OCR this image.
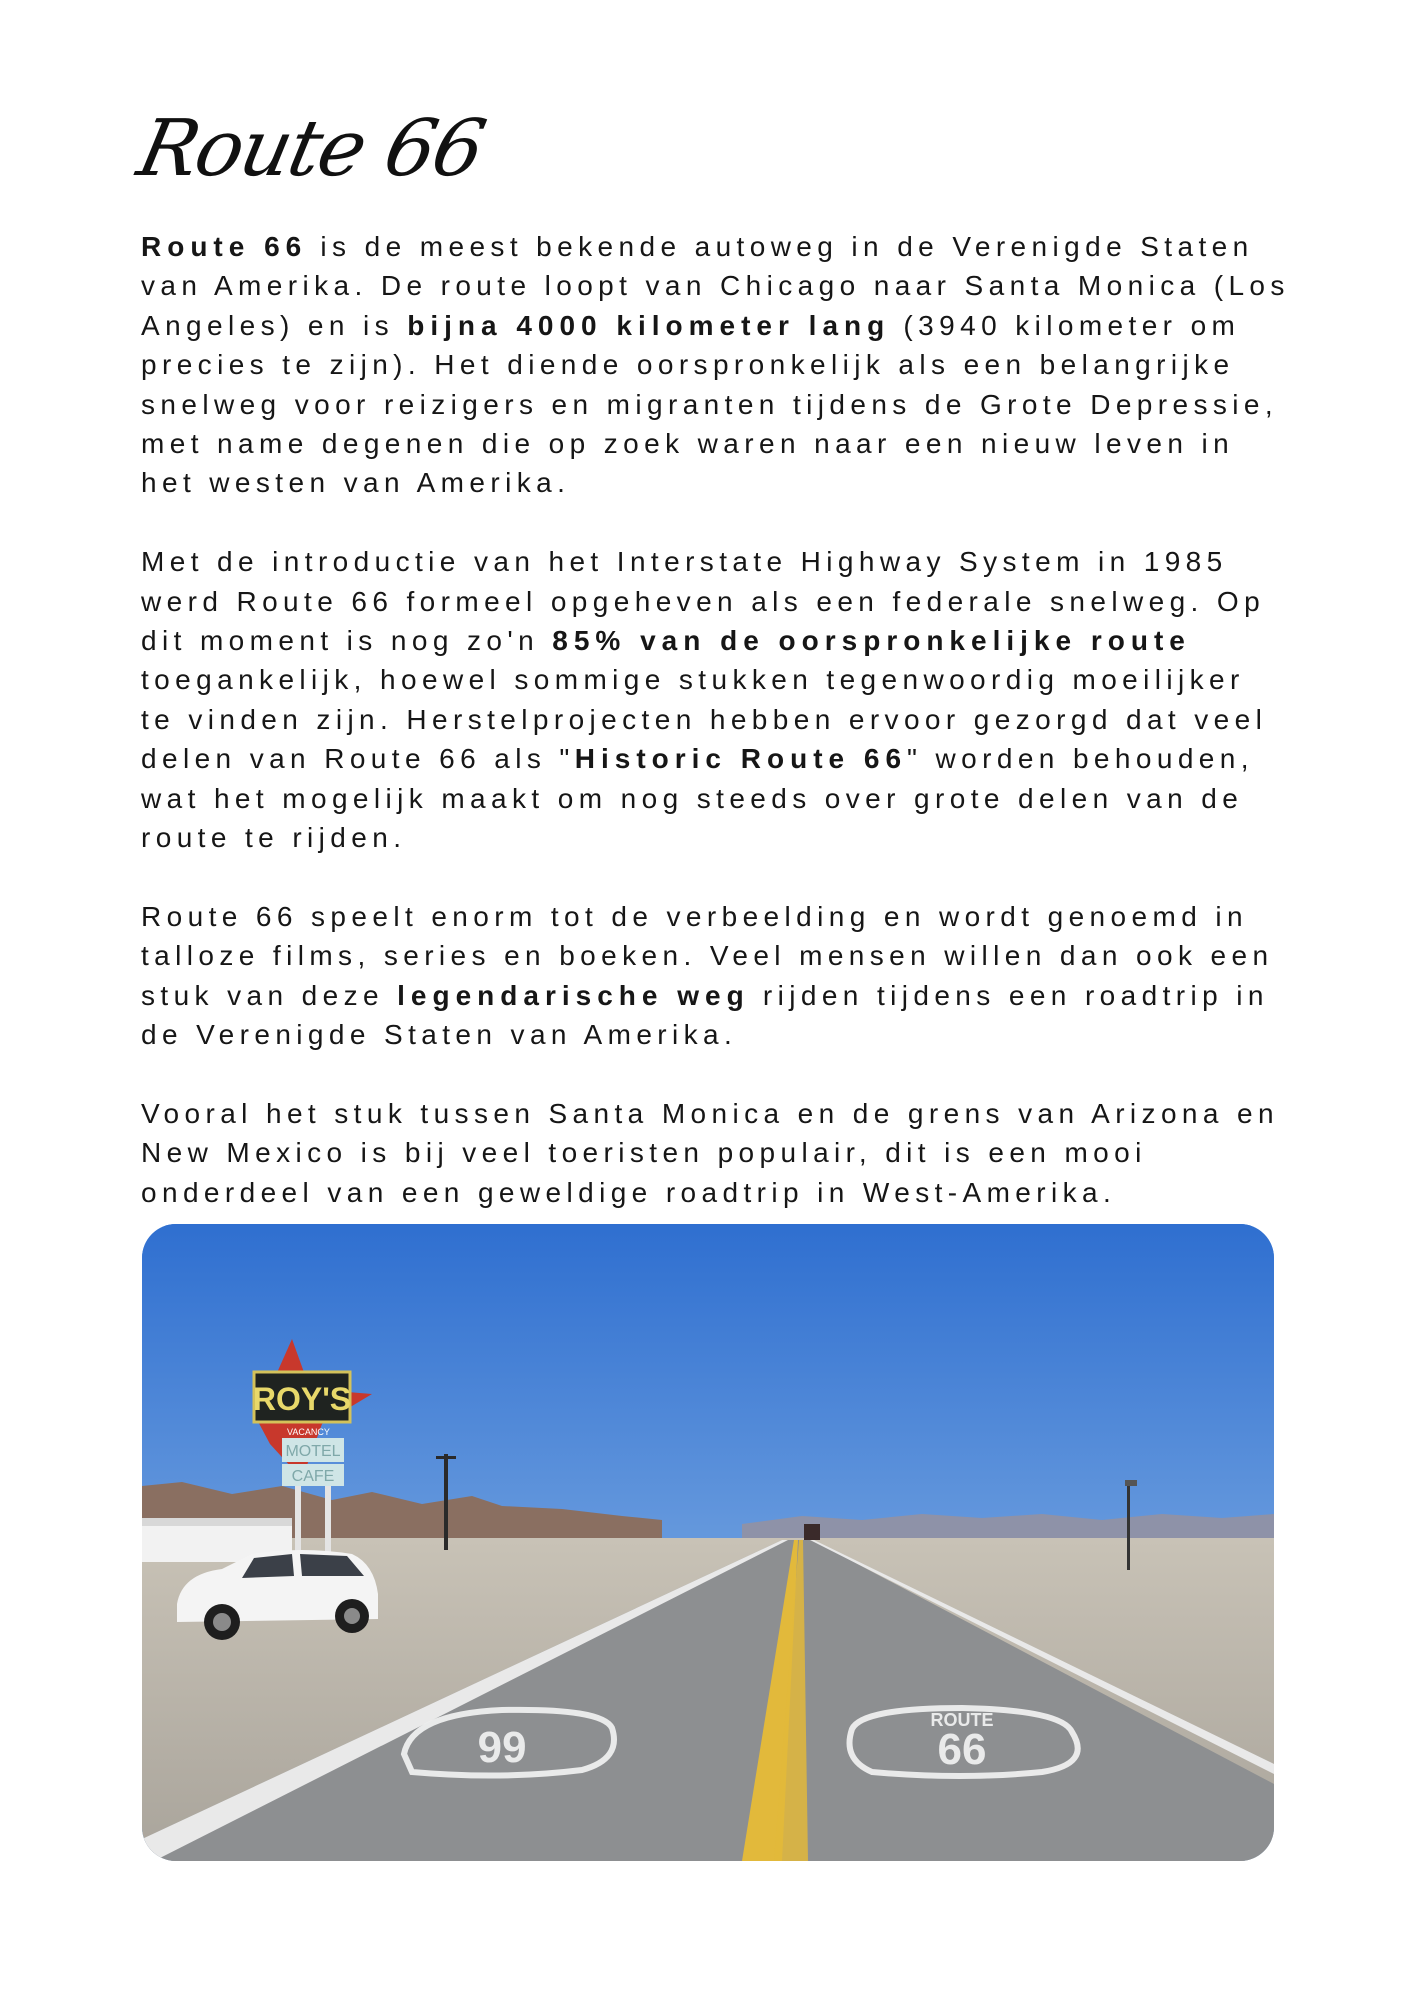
Route 66

Route 66 is de meest bekende autoweg in de Verenigde Staten van Amerika. De route loopt van Chicago naar Santa Monica (Los Angeles) en is bijna 4000 kilometer lang (3940 kilometer om precies te zijn). Het diende oorspronkelijk als een belangrijke snelweg voor reizigers en migranten tijdens de Grote Depressie, met name degenen die op zoek waren naar een nieuw leven in het westen van Amerika.

Met de introductie van het Interstate Highway System in 1985 werd Route 66 formeel opgeheven als een federale snelweg. Op dit moment is nog zo'n 85% van de oorspronkelijke route toegankelijk, hoewel sommige stukken tegenwoordig moeilijker te vinden zijn. Herstelprojecten hebben ervoor gezorgd dat veel delen van Route 66 als "Historic Route 66" worden behouden, wat het mogelijk maakt om nog steeds over grote delen van de route te rijden.

Route 66 speelt enorm tot de verbeelding en wordt genoemd in talloze films, series en boeken. Veel mensen willen dan ook een stuk van deze legendarische weg rijden tijdens een roadtrip in de Verenigde Staten van Amerika.

Vooral het stuk tussen Santa Monica en de grens van Arizona en New Mexico is bij veel toeristen populair, dit is een mooi onderdeel van een geweldige roadtrip in West-Amerika.

66
ROUTE
66
ROY'S
VACANCY
MOTEL
CAFE
